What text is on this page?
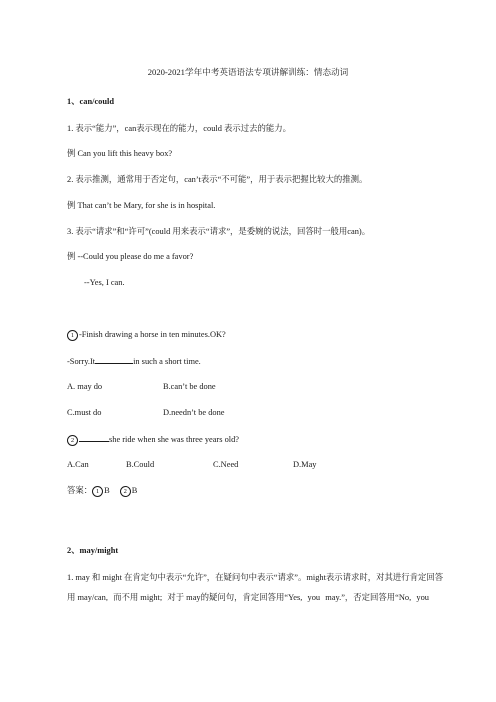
2020-2021学年中考英语语法专项讲解训练：情态动词
1、can/could
1. 表示“能力”，can表示现在的能力，could 表示过去的能力。
例 Can you lift this heavy box?
2. 表示推测，通常用于否定句，can’t表示“不可能”，用于表示把握比较大的推测。
例 That can’t be Mary, for she is in hospital.
3. 表示“请求”和“许可”(could 用来表示“请求”，是委婉的说法，回答时一般用can)。
例 --Could you please do me a favor?
--Yes, I can.
1 -Finish drawing a horse in ten minutes.OK?
-Sorry.It	in such a short time.
A. may do	B.can’t be done
C.must do	D.needn’t be done
2	she ride when she was three years old?
A.Can	B.Could	C.Need	D.May
答案： 1 B 2 B
2、may/might
1. may 和 might 在肯定句中表示“允许”，在疑问句中表示“请求”。might表示请求时，对其进行肯定回答
用 may/can, 而不用 might; 对于 may的疑问句，肯定回答用“Yes, you may.”，否定回答用“No, you
